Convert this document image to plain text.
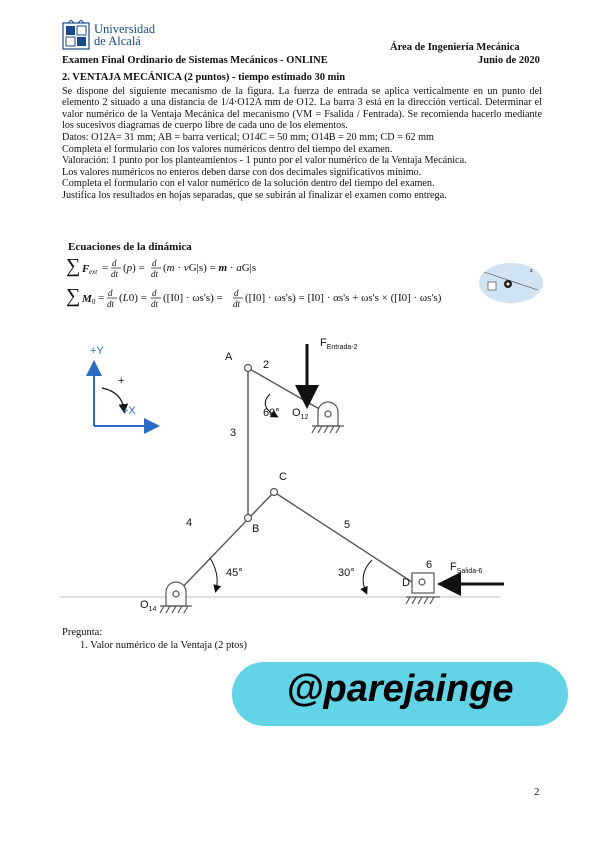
Universidad
de Alcalá	Área de Ingeniería Mecánica
Examen Final Ordinario de Sistemas Mecánicos - ONLINE	Junio de 2020

2. VENTAJA MECÁNICA (2 puntos) - tiempo estimado 30 min

Se dispone del siguiente mecanismo de la figura. La fuerza de entrada se aplica verticalmente en un punto del elemento 2 situado a una distancia de 1/4·O12A mm de O12. La barra 3 está en la dirección vertical. Determinar el valor numérico de la Ventaja Mecánica del mecanismo (VM = Fsalida / Fentrada). Se recomienda hacerlo mediante los sucesivos diagramas de cuerpo libre de cada uno de los elementos.

Datos: O12A= 31 mm; AB = barra vertical; O14C = 50 mm; O14B = 20 mm; CD = 62 mm

Completa el formulario con los valores numéricos dentro del tiempo del examen.

Valoración: 1 punto por los planteamientos - 1 punto por el valor numérico de la Ventaja Mecánica.

Los valores numéricos no enteros deben darse con dos decimales significativos mínimo.

Completa el formulario con el valor numérico de la solución dentro del tiempo del examen.

Justifica los resultados en hojas separadas, que se subirán al finalizar el examen como entrega.

Ecuaciones de la dinámica
∑ F ext = d
dt (p) = d
dt (m · vG|s) = m · aG|s
∑ M 0 = d
dt (L0) = d
dt ([I0] · ωs's) = d
dt ([I0] · ωs's) = [I0] · αs's + ωs's × ([I0] · ωs's)
z
+Y
+X
+
A
2
3
C
4	B	5
6
D
60°
45°	30°
$O_{12}$
$O_{14}$
$F_{Entrada-2}$
$F_{Salida-6}$
Pregunta:
1. Valor numérico de la Ventaja (2 ptos)
@parejainge
2
